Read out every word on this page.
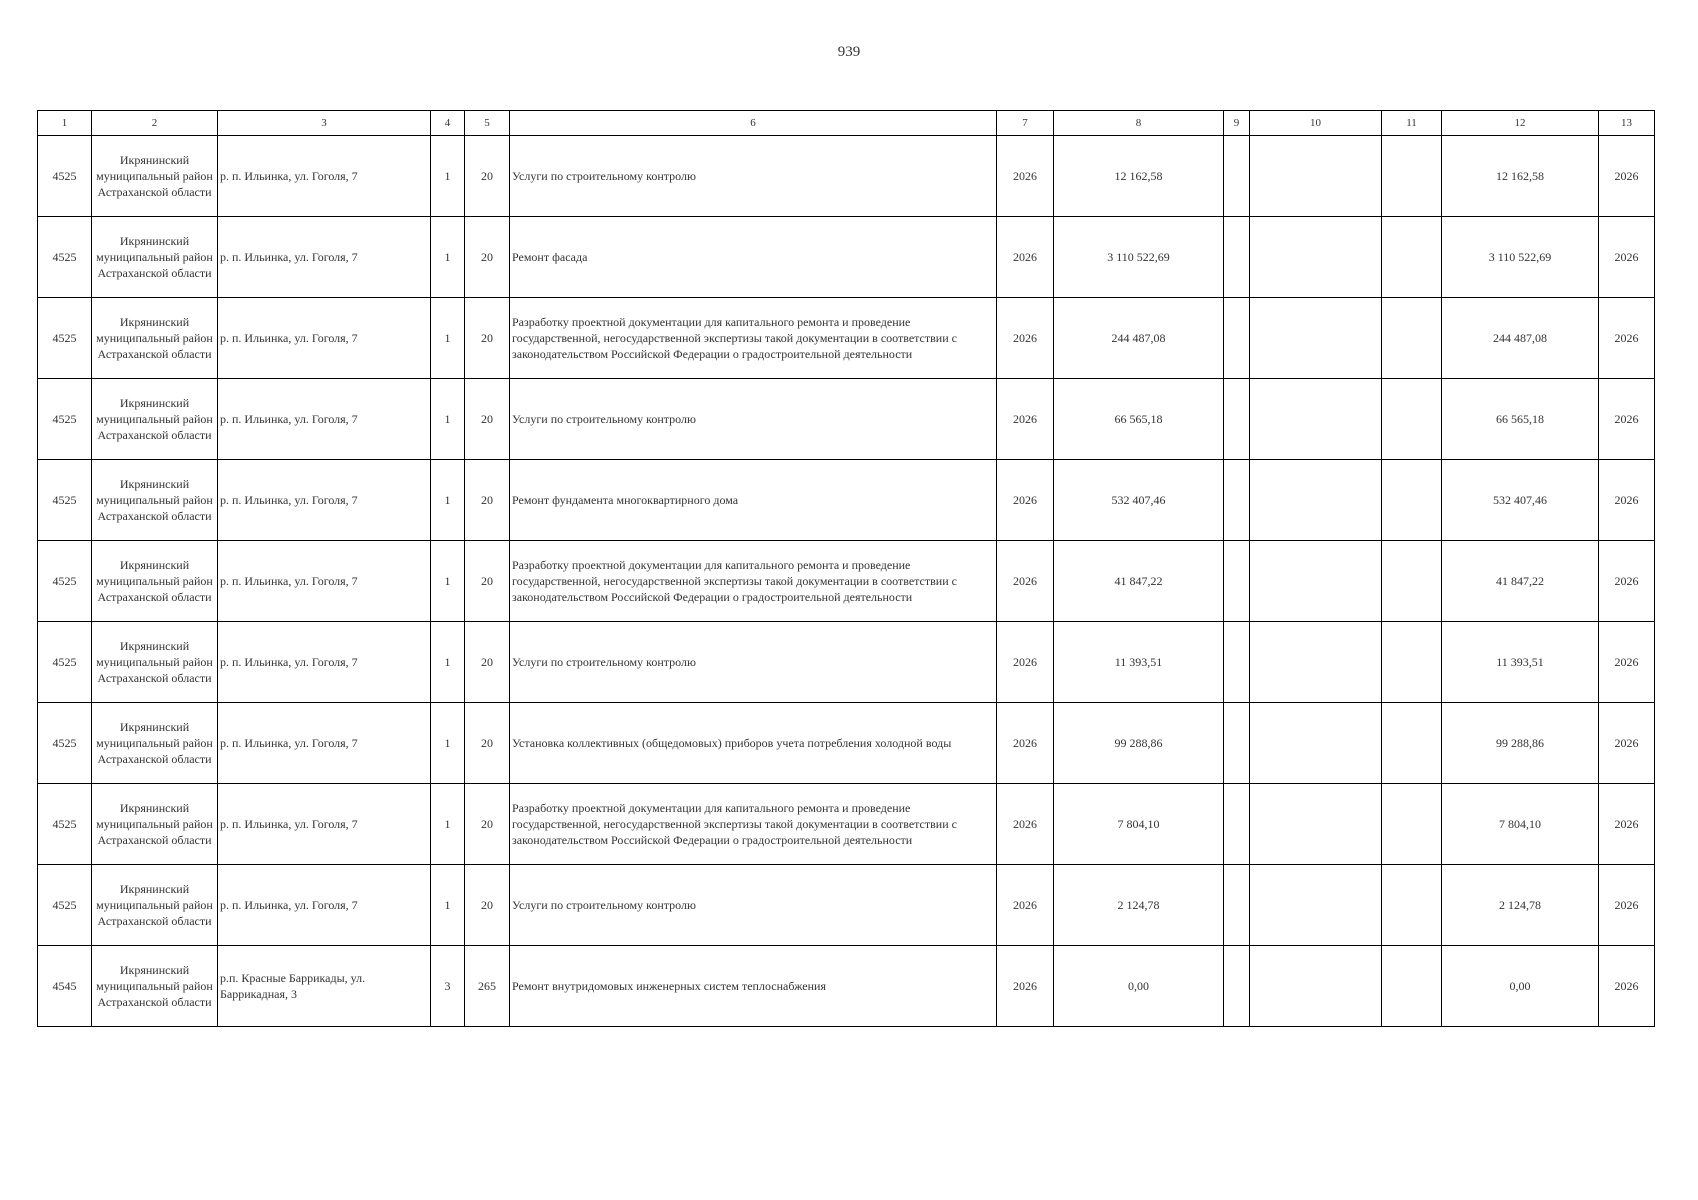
939
1	2	3	4	5	6	7	8	9	10	11	12	13
4525	Икрянинский муниципальный район Астраханской области	р. п. Ильинка, ул. Гоголя, 7	1	20	Услуги по строительному контролю	2026	12 162,58				12 162,58	2026
4525	Икрянинский муниципальный район Астраханской области	р. п. Ильинка, ул. Гоголя, 7	1	20	Ремонт фасада	2026	3 110 522,69				3 110 522,69	2026
4525	Икрянинский муниципальный район Астраханской области	р. п. Ильинка, ул. Гоголя, 7	1	20	Разработку проектной документации для капитального ремонта и проведение государственной, негосударственной экспертизы такой документации в соответствии с законодательством Российской Федерации о градостроительной деятельности	2026	244 487,08				244 487,08	2026
4525	Икрянинский муниципальный район Астраханской области	р. п. Ильинка, ул. Гоголя, 7	1	20	Услуги по строительному контролю	2026	66 565,18				66 565,18	2026
4525	Икрянинский муниципальный район Астраханской области	р. п. Ильинка, ул. Гоголя, 7	1	20	Ремонт фундамента многоквартирного дома	2026	532 407,46				532 407,46	2026
4525	Икрянинский муниципальный район Астраханской области	р. п. Ильинка, ул. Гоголя, 7	1	20	Разработку проектной документации для капитального ремонта и проведение государственной, негосударственной экспертизы такой документации в соответствии с законодательством Российской Федерации о градостроительной деятельности	2026	41 847,22				41 847,22	2026
4525	Икрянинский муниципальный район Астраханской области	р. п. Ильинка, ул. Гоголя, 7	1	20	Услуги по строительному контролю	2026	11 393,51				11 393,51	2026
4525	Икрянинский муниципальный район Астраханской области	р. п. Ильинка, ул. Гоголя, 7	1	20	Установка коллективных (общедомовых) приборов учета потребления холодной воды	2026	99 288,86				99 288,86	2026
4525	Икрянинский муниципальный район Астраханской области	р. п. Ильинка, ул. Гоголя, 7	1	20	Разработку проектной документации для капитального ремонта и проведение государственной, негосударственной экспертизы такой документации в соответствии с законодательством Российской Федерации о градостроительной деятельности	2026	7 804,10				7 804,10	2026
4525	Икрянинский муниципальный район Астраханской области	р. п. Ильинка, ул. Гоголя, 7	1	20	Услуги по строительному контролю	2026	2 124,78				2 124,78	2026
4545	Икрянинский муниципальный район Астраханской области	р.п. Красные Баррикады, ул. Баррикадная, 3	3	265	Ремонт внутридомовых инженерных систем теплоснабжения	2026	0,00				0,00	2026
